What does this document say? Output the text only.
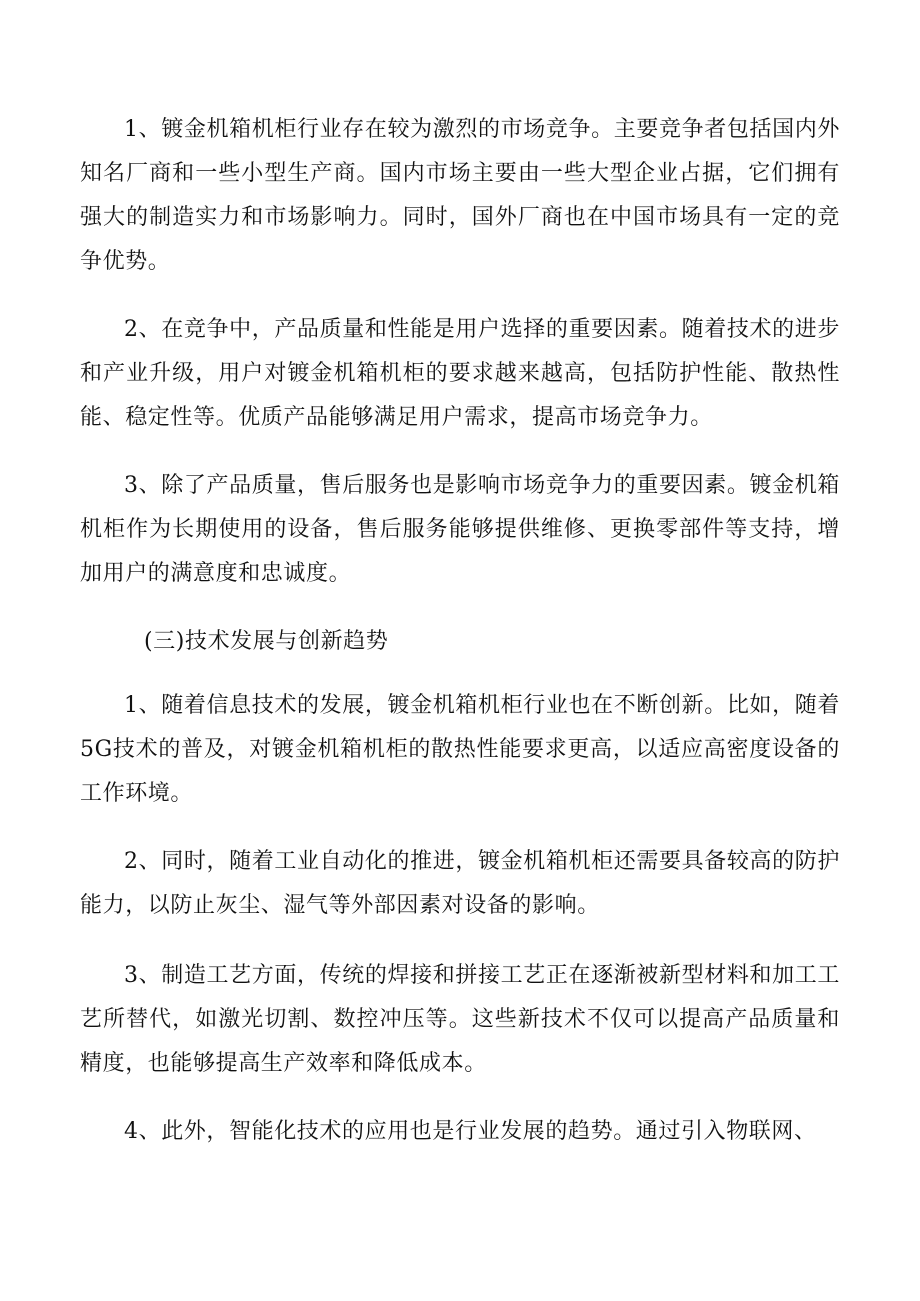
1、镀金机箱机柜行业存在较为激烈的市场竞争。主要竞争者包括国内外知名厂商和一些小型生产商。国内市场主要由一些大型企业占据，它们拥有强大的制造实力和市场影响力。同时，国外厂商也在中国市场具有一定的竞争优势。

2、在竞争中，产品质量和性能是用户选择的重要因素。随着技术的进步和产业升级，用户对镀金机箱机柜的要求越来越高，包括防护性能、散热性能、稳定性等。优质产品能够满足用户需求，提高市场竞争力。

3、除了产品质量，售后服务也是影响市场竞争力的重要因素。镀金机箱机柜作为长期使用的设备，售后服务能够提供维修、更换零部件等支持，增加用户的满意度和忠诚度。

(三)技术发展与创新趋势

1、随着信息技术的发展，镀金机箱机柜行业也在不断创新。比如，随着5G技术的普及，对镀金机箱机柜的散热性能要求更高，以适应高密度设备的工作环境。

2、同时，随着工业自动化的推进，镀金机箱机柜还需要具备较高的防护能力，以防止灰尘、湿气等外部因素对设备的影响。

3、制造工艺方面，传统的焊接和拼接工艺正在逐渐被新型材料和加工工艺所替代，如激光切割、数控冲压等。这些新技术不仅可以提高产品质量和精度，也能够提高生产效率和降低成本。

4、此外，智能化技术的应用也是行业发展的趋势。通过引入物联网、
